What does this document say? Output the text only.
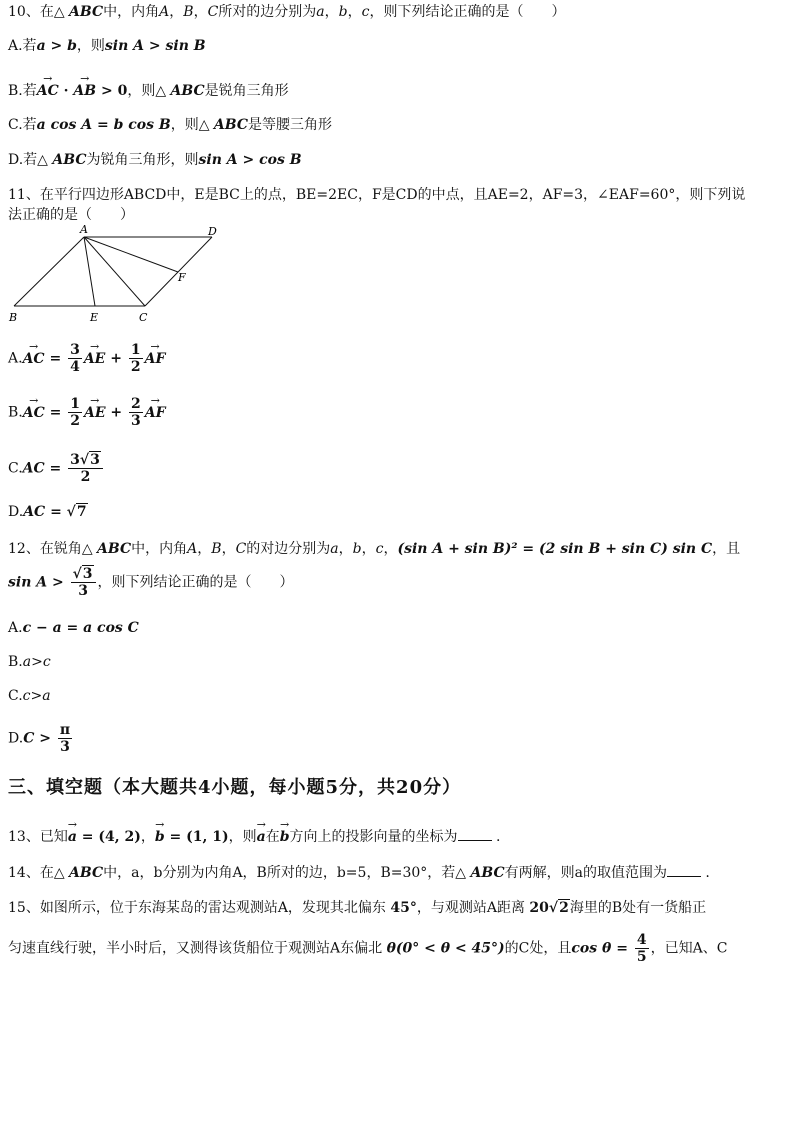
10、在△ ABC中，内角A，B，C所对的边分别为a，b，c，则下列结论正确的是（　　）
A.若a > b，则sin A > sin B
B.若→ AC · → AB > 0，则△ ABC是锐角三角形
C.若a cos A = b cos B，则△ ABC是等腰三角形
D.若△ ABC为锐角三角形，则sin A > cos B
11、在平行四边形ABCD中，E是BC上的点，BE=2EC，F是CD的中点，且AE=2，AF=3，∠EAF=60°，则下列说
法正确的是（　　）
A	D
F
B	E	C
A.→ AC = $\frac{3}{4}$ → AE + $\frac{1}{2}$ → AF
B.→ AC = $\frac{1}{2}$ → AE + $\frac{2}{3}$ → AF
$C.AC = \frac{3√3}{2}$
D.AC = √7
12、在锐角△ ABC中，内角A，B，C的对边分别为a，b，c，(sin A + sin B)² = (2 sin B + sin C) sin C，且
$\sin A > \frac{√3}{3}$ ，则下列结论正确的是（　　）
A.c − a = a cos C
B.a>c
C.c>a
$D.C > \frac{\pi}{3}$
三、填空题（本大题共4小题，每小题5分，共20分）
13、已知→ a = (4, 2)，→ b = (1, 1)，则→ a在→ b方向上的投影向量的坐标为	.
14、在△ ABC中，a，b分别为内角A，B所对的边，b=5，B=30°，若△ ABC有两解，则a的取值范围为	.
15、如图所示，位于东海某岛的雷达观测站A，发现其北偏东 45°，与观测站A距离 20√2海里的B处有一货船正
匀速直线行驶，半小时后，又测得该货船位于观测站A东偏北 θ(0° < θ < 45°)的C处，且$\cos \theta = \frac{4}{5}$ ，已知A、C
